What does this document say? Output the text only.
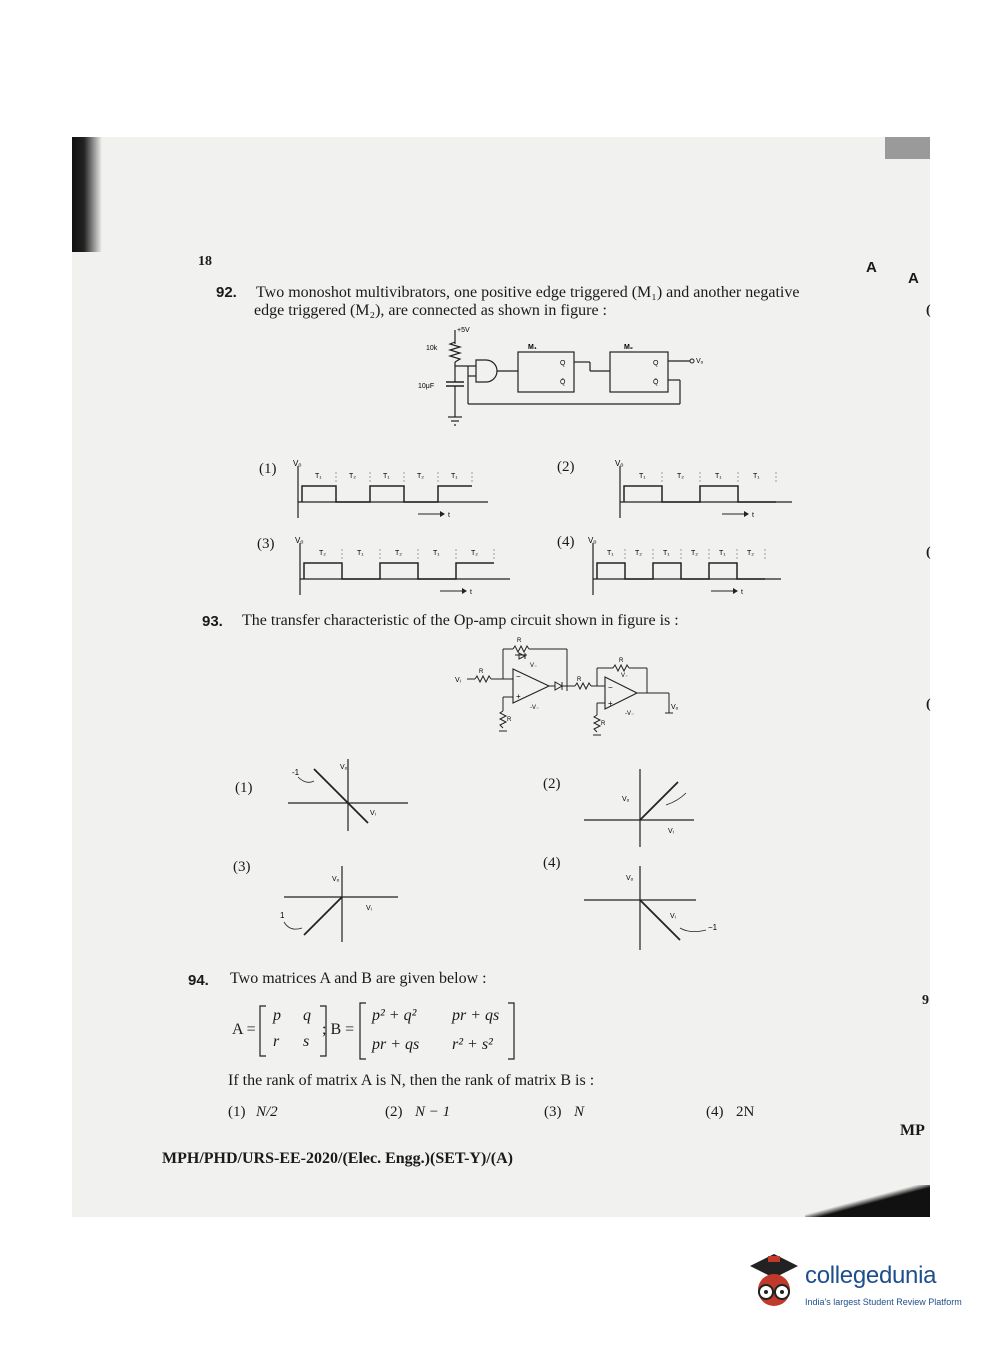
18	A
A
(
(
(
9
92. Two monoshot multivibrators, one positive edge triggered (M₁) and another negative
edge triggered (M₂), are connected as shown in figure :
+5V
10k
10μF
M₁
Q
Q̄
M₂
Q
Q̄
Vₒ
(1) Vₒ
T₁	T₂	T₁	T₂	T₁
t
(2)	Vₒ
T₁	T₂	T₁	T₁
t
(3)	Vₒ
T₂	T₁	T₂	T₁	T₂
t
(4) Vₒ
T₁	T₂	T₁	T₂	T₁	T₂
t
93. The transfer characteristic of the Op-amp circuit shown in figure is :
Vᵢ
R
R
−
+
V₋
-V₋
R
R
R
−
+
V₋
-V₋
Vₒ
R
(1)	(2)
(3)	(4)
Vₒ
Vᵢ
-1
Vₒ
Vᵢ
Vₒ
Vᵢ
1
Vₒ
Vᵢ
−1
94. Two matrices A and B are given below :
A =
p q
r s
; B =
p² + q² pr + qs
pr + qs r² + s²
If the rank of matrix A is N, then the rank of matrix B is :
(1) N/2	(2) N − 1	(3) N	(4) 2N
MP
MPH/PHD/URS-EE-2020/(Elec. Engg.)(SET-Y)/(A)
collegedunia
India's largest Student Review Platform
